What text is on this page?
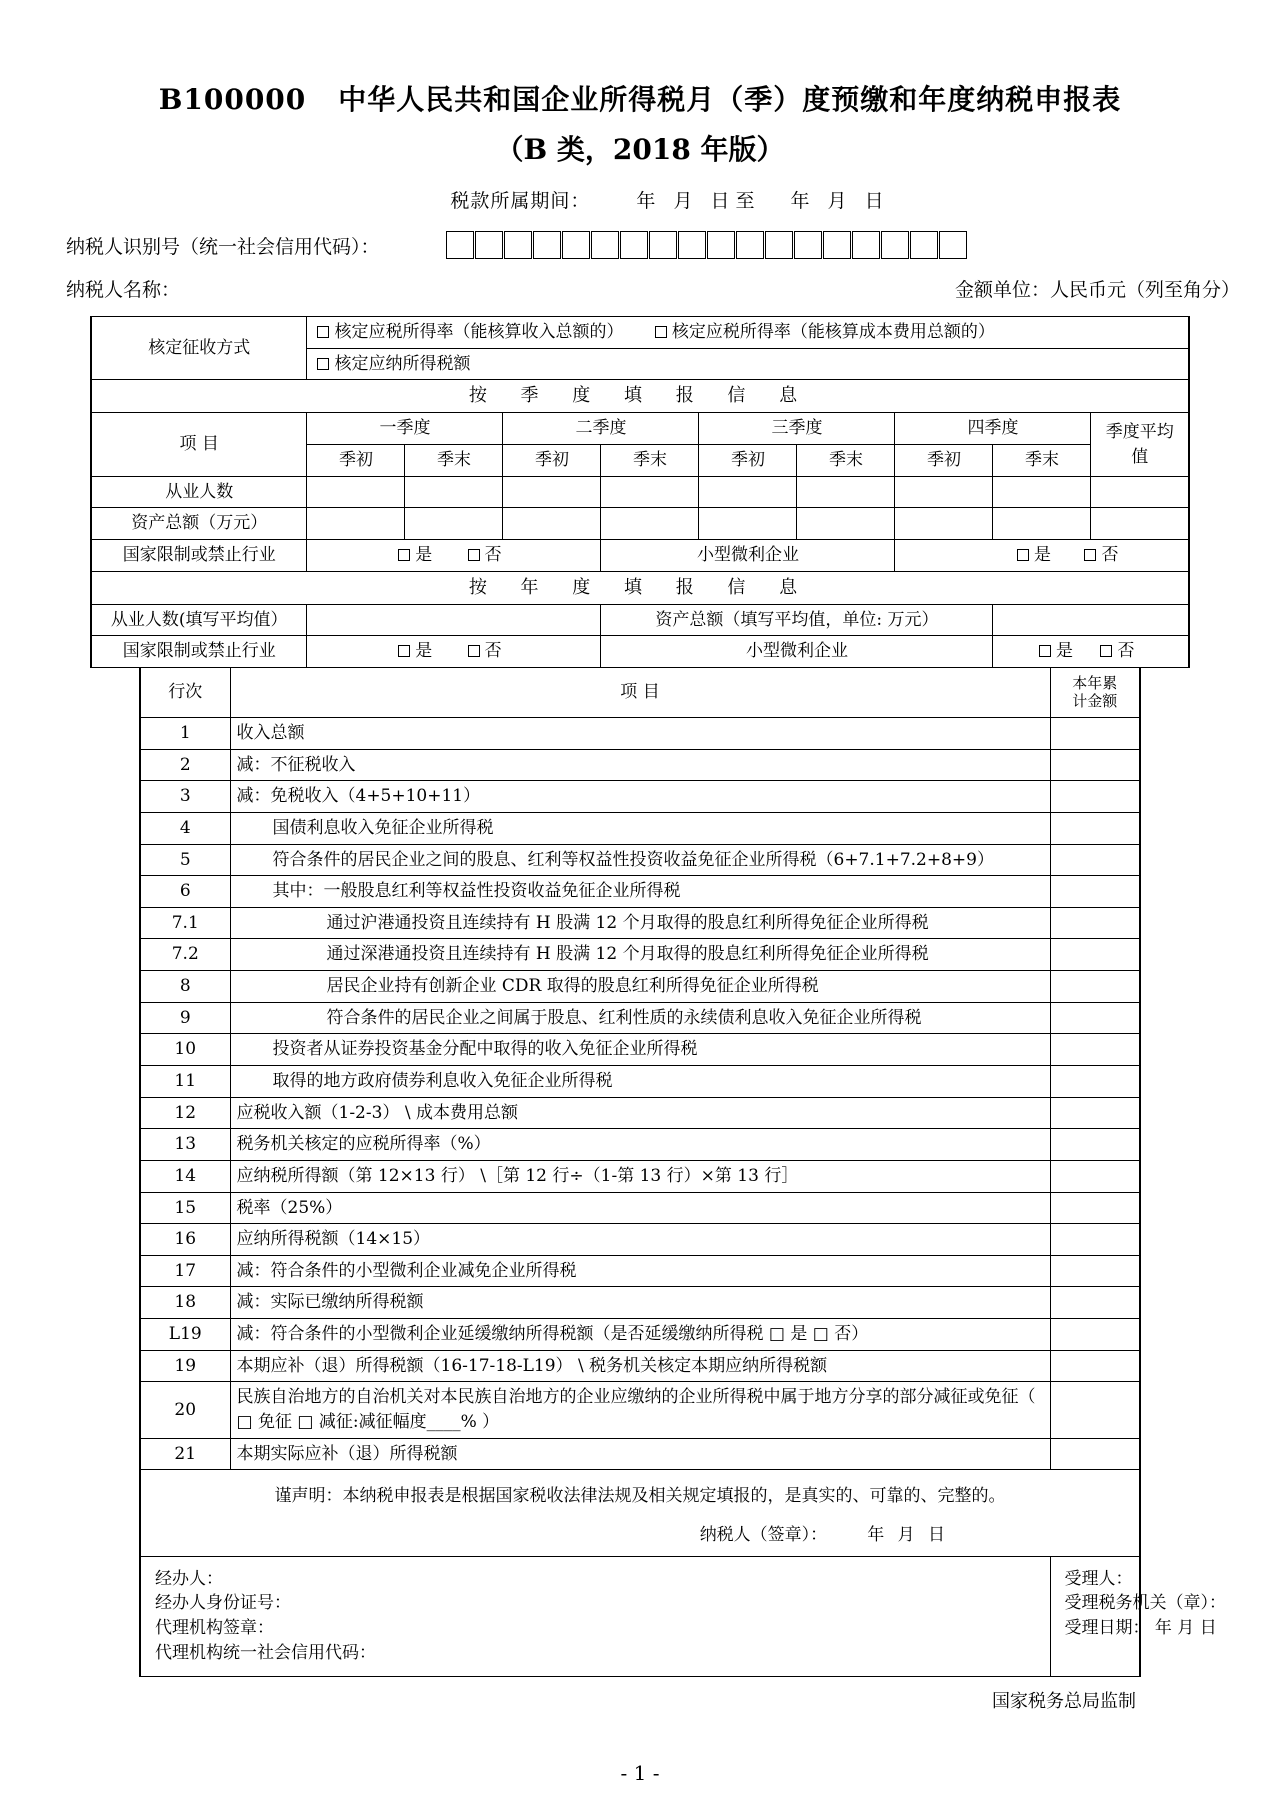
B100000 中华人民共和国企业所得税月（季）度预缴和年度纳税申报表
（B 类，2018 年版）
税款所属期间： 年 月 日至 年 月 日
纳税人识别号（统一社会信用代码）：
纳税人名称：	金额单位：人民币元（列至角分）
核定征收方式	核定应税所得率（能核算收入总额的） 核定应税所得率（能核算成本费用总额的）								
	核定应纳所得税额								
按 季 度 填 报 信 息									
项 目	一季度		二季度		三季度		四季度		季度平均值
	季初	季末	季初	季末	季初	季末	季初	季末	
从业人数									
资产总额（万元）									
国家限制或禁止行业	是 否			小型微利企业			是 否		
按 年 度 填 报 信 息									
从业人数(填写平均值）				资产总额（填写平均值，单位: 万元）					
国家限制或禁止行业	是 否			小型微利企业				是 否	
行次	项 目	本年累
计金额

1	收入总额	
2	减：不征税收入	
3	减：免税收入（4+5+10+11）	
4	国债利息收入免征企业所得税	
5	符合条件的居民企业之间的股息、红利等权益性投资收益免征企业所得税（6+7.1+7.2+8+9）	
6	其中：一般股息红利等权益性投资收益免征企业所得税	
7.1	通过沪港通投资且连续持有 H 股满 12 个月取得的股息红利所得免征企业所得税	
7.2	通过深港通投资且连续持有 H 股满 12 个月取得的股息红利所得免征企业所得税	
8	居民企业持有创新企业 CDR 取得的股息红利所得免征企业所得税	
9	符合条件的居民企业之间属于股息、红利性质的永续债利息收入免征企业所得税	
10	投资者从证券投资基金分配中取得的收入免征企业所得税	
11	取得的地方政府债券利息收入免征企业所得税	
12	应税收入额（1-2-3） \ 成本费用总额	
13	税务机关核定的应税所得率（%）	
14	应纳税所得额（第 12×13 行） \［第 12 行÷（1-第 13 行）×第 13 行］	
15	税率（25%）	
16	应纳所得税额（14×15）	
17	减：符合条件的小型微利企业减免企业所得税	
18	减：实际已缴纳所得税额	
L19	减：符合条件的小型微利企业延缓缴纳所得税额（是否延缓缴纳所得税 □ 是 □ 否）	
19	本期应补（退）所得税额（16-17-18-L19） \ 税务机关核定本期应纳所得税额	
20	民族自治地方的自治机关对本民族自治地方的企业应缴纳的企业所得税中属于地方分享的部分减征或免征（ □ 免征 □ 减征:减征幅度____% ）	
21	本期实际应补（退）所得税额	

谨声明：本纳税申报表是根据国家税收法律法规及相关规定填报的，是真实的、可靠的、完整的。
纳税人（签章）： 年 月 日		

经办人：
经办人身份证号：
代理机构签章：
代理机构统一社会信用代码：

受理人：
受理税务机关（章）：
受理日期： 年 月 日
国家税务总局监制
- 1 -
